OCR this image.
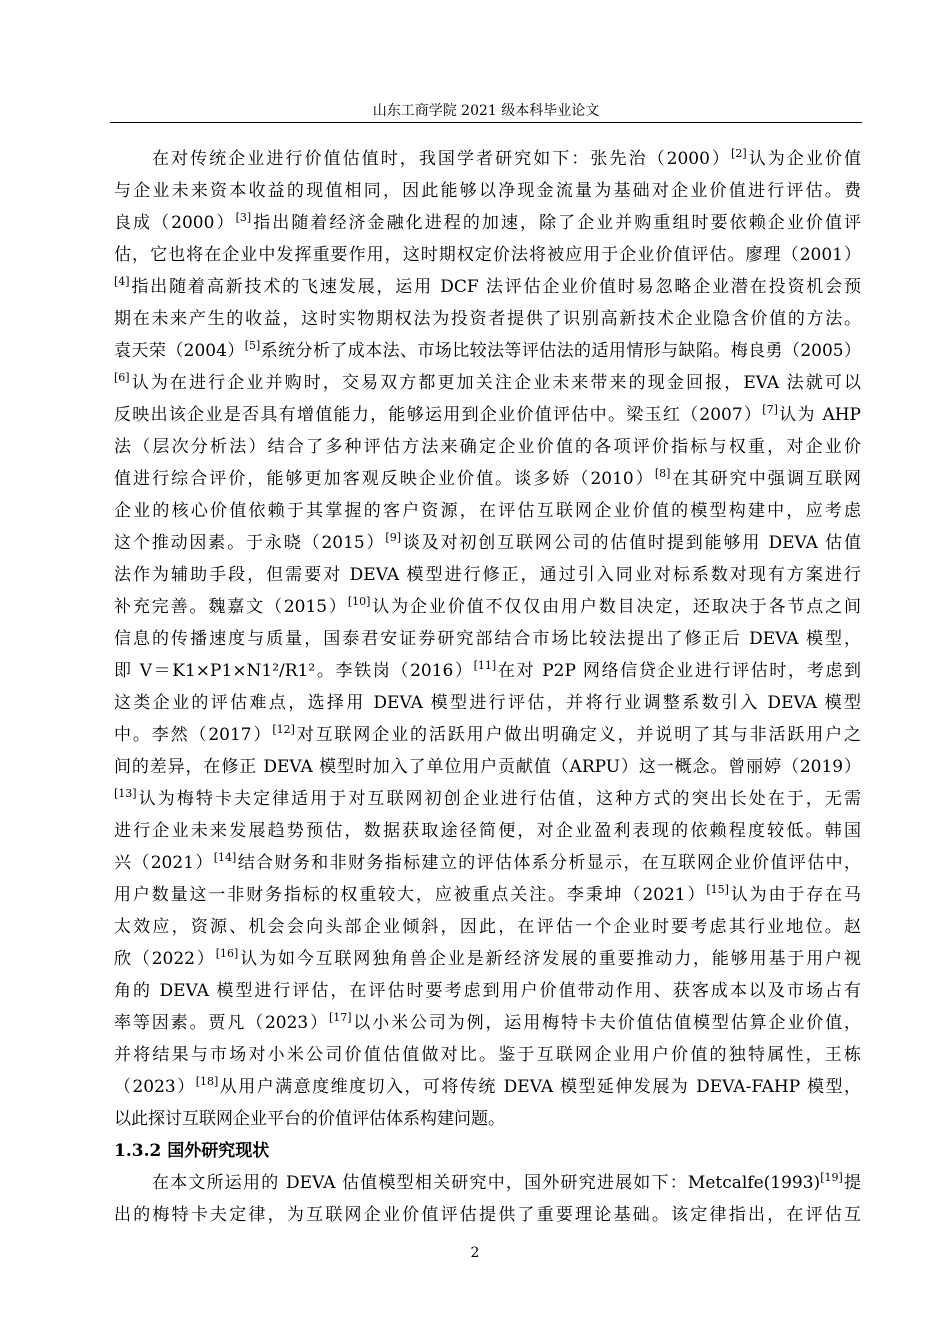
山东工商学院 2021 级本科毕业论文
在对传统企业进行价值估值时，我国学者研究如下：张先治（2000）[2]认为企业价值
与企业未来资本收益的现值相同，因此能够以净现金流量为基础对企业价值进行评估。费
良成（2000）[3]指出随着经济金融化进程的加速，除了企业并购重组时要依赖企业价值评
估，它也将在企业中发挥重要作用，这时期权定价法将被应用于企业价值评估。廖理（2001）
[4]指出随着高新技术的飞速发展，运用 DCF 法评估企业价值时易忽略企业潜在投资机会预
期在未来产生的收益，这时实物期权法为投资者提供了识别高新技术企业隐含价值的方法。
袁天荣（2004）[5]系统分析了成本法、市场比较法等评估法的适用情形与缺陷。梅良勇（2005）
[6]认为在进行企业并购时，交易双方都更加关注企业未来带来的现金回报，EVA 法就可以
反映出该企业是否具有增值能力，能够运用到企业价值评估中。梁玉红（2007）[7]认为 AHP
法（层次分析法）结合了多种评估方法来确定企业价值的各项评价指标与权重，对企业价
值进行综合评价，能够更加客观反映企业价值。谈多娇（2010）[8]在其研究中强调互联网
企业的核心价值依赖于其掌握的客户资源，在评估互联网企业价值的模型构建中，应考虑
这个推动因素。于永晓（2015）[9]谈及对初创互联网公司的估值时提到能够用 DEVA 估值
法作为辅助手段，但需要对 DEVA 模型进行修正，通过引入同业对标系数对现有方案进行
补充完善。魏嘉文（2015）[10]认为企业价值不仅仅由用户数目决定，还取决于各节点之间
信息的传播速度与质量，国泰君安证券研究部结合市场比较法提出了修正后 DEVA 模型，
即 V＝K1×P1×N1²/R1²。李铁岗（2016）[11]在对 P2P 网络信贷企业进行评估时，考虑到
这类企业的评估难点，选择用 DEVA 模型进行评估，并将行业调整系数引入 DEVA 模型
中。李然（2017）[12]对互联网企业的活跃用户做出明确定义，并说明了其与非活跃用户之
间的差异，在修正 DEVA 模型时加入了单位用户贡献值（ARPU）这一概念。曾丽婷（2019）
[13]认为梅特卡夫定律适用于对互联网初创企业进行估值，这种方式的突出长处在于，无需
进行企业未来发展趋势预估，数据获取途径简便，对企业盈利表现的依赖程度较低。韩国
兴（2021）[14]结合财务和非财务指标建立的评估体系分析显示，在互联网企业价值评估中，
用户数量这一非财务指标的权重较大，应被重点关注。李秉坤（2021）[15]认为由于存在马
太效应，资源、机会会向头部企业倾斜，因此，在评估一个企业时要考虑其行业地位。赵
欣（2022）[16]认为如今互联网独角兽企业是新经济发展的重要推动力，能够用基于用户视
角的 DEVA 模型进行评估，在评估时要考虑到用户价值带动作用、获客成本以及市场占有
率等因素。贾凡（2023）[17]以小米公司为例，运用梅特卡夫价值估值模型估算企业价值，
并将结果与市场对小米公司价值估值做对比。鉴于互联网企业用户价值的独特属性，王栋
（2023）[18]从用户满意度维度切入，可将传统 DEVA 模型延伸发展为 DEVA-FAHP 模型，
以此探讨互联网企业平台的价值评估体系构建问题。
1.3.2 国外研究现状
在本文所运用的 DEVA 估值模型相关研究中，国外研究进展如下：Metcalfe(1993)[19]提
出的梅特卡夫定律，为互联网企业价值评估提供了重要理论基础。该定律指出，在评估互
2
